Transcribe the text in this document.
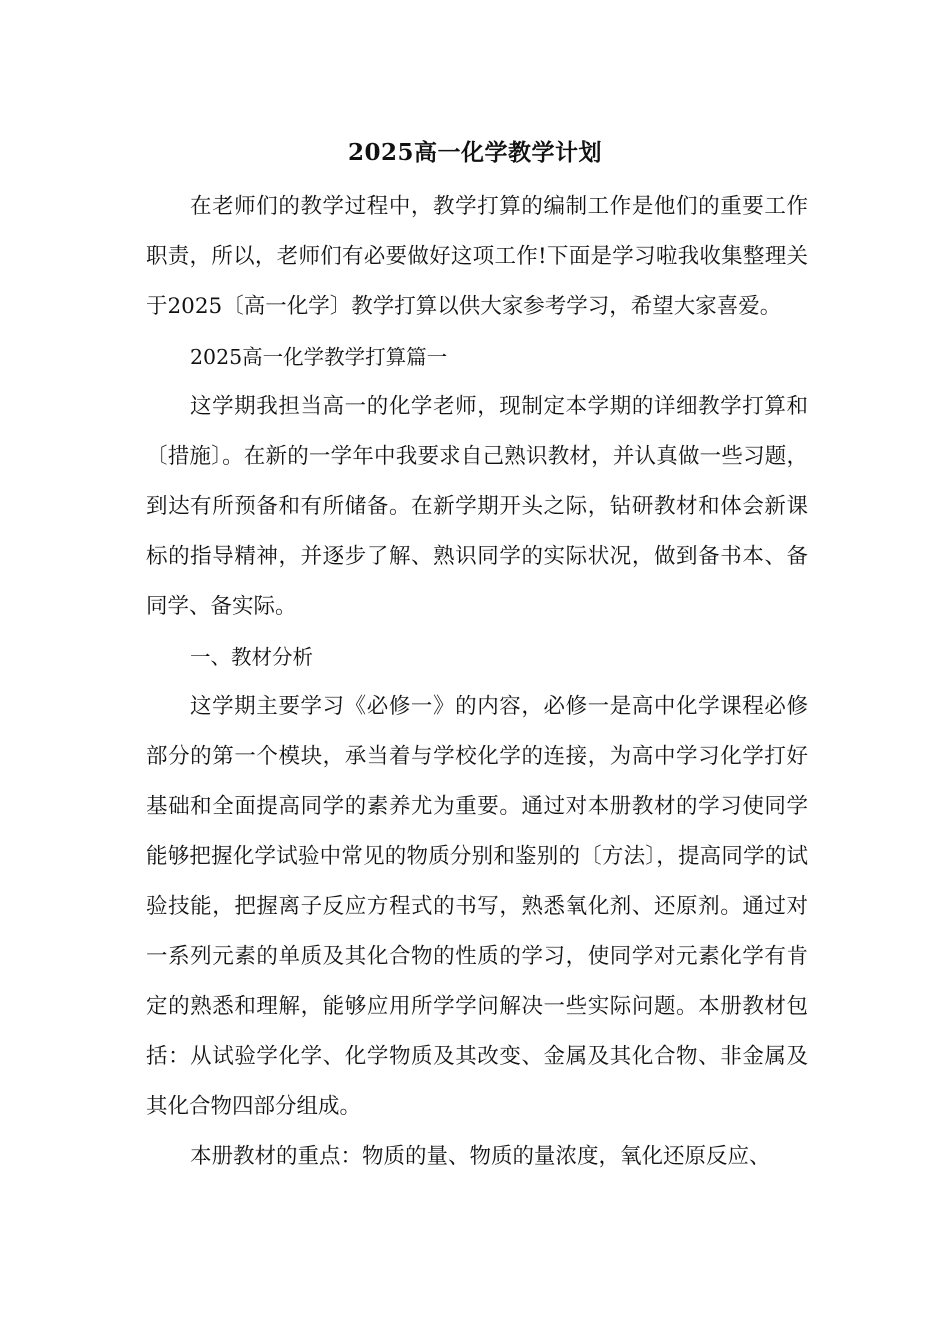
2025高一化学教学计划

在老师们的教学过程中，教学打算的编制工作是他们的重要工作职责，所以，老师们有必要做好这项工作!下面是学习啦我收集整理关于2025〔高一化学〕教学打算以供大家参考学习，希望大家喜爱。

2025高一化学教学打算篇一

这学期我担当高一的化学老师，现制定本学期的详细教学打算和〔措施〕。在新的一学年中我要求自己熟识教材，并认真做一些习题，到达有所预备和有所储备。在新学期开头之际，钻研教材和体会新课标的指导精神，并逐步了解、熟识同学的实际状况，做到备书本、备同学、备实际。

一、教材分析

这学期主要学习《必修一》的内容，必修一是高中化学课程必修部分的第一个模块，承当着与学校化学的连接，为高中学习化学打好基础和全面提高同学的素养尤为重要。通过对本册教材的学习使同学能够把握化学试验中常见的物质分别和鉴别的〔方法〕，提高同学的试验技能，把握离子反应方程式的书写，熟悉氧化剂、还原剂。通过对一系列元素的单质及其化合物的性质的学习，使同学对元素化学有肯定的熟悉和理解，能够应用所学学问解决一些实际问题。本册教材包括：从试验学化学、化学物质及其改变、金属及其化合物、非金属及其化合物四部分组成。

本册教材的重点：物质的量、物质的量浓度，氧化还原反应、
